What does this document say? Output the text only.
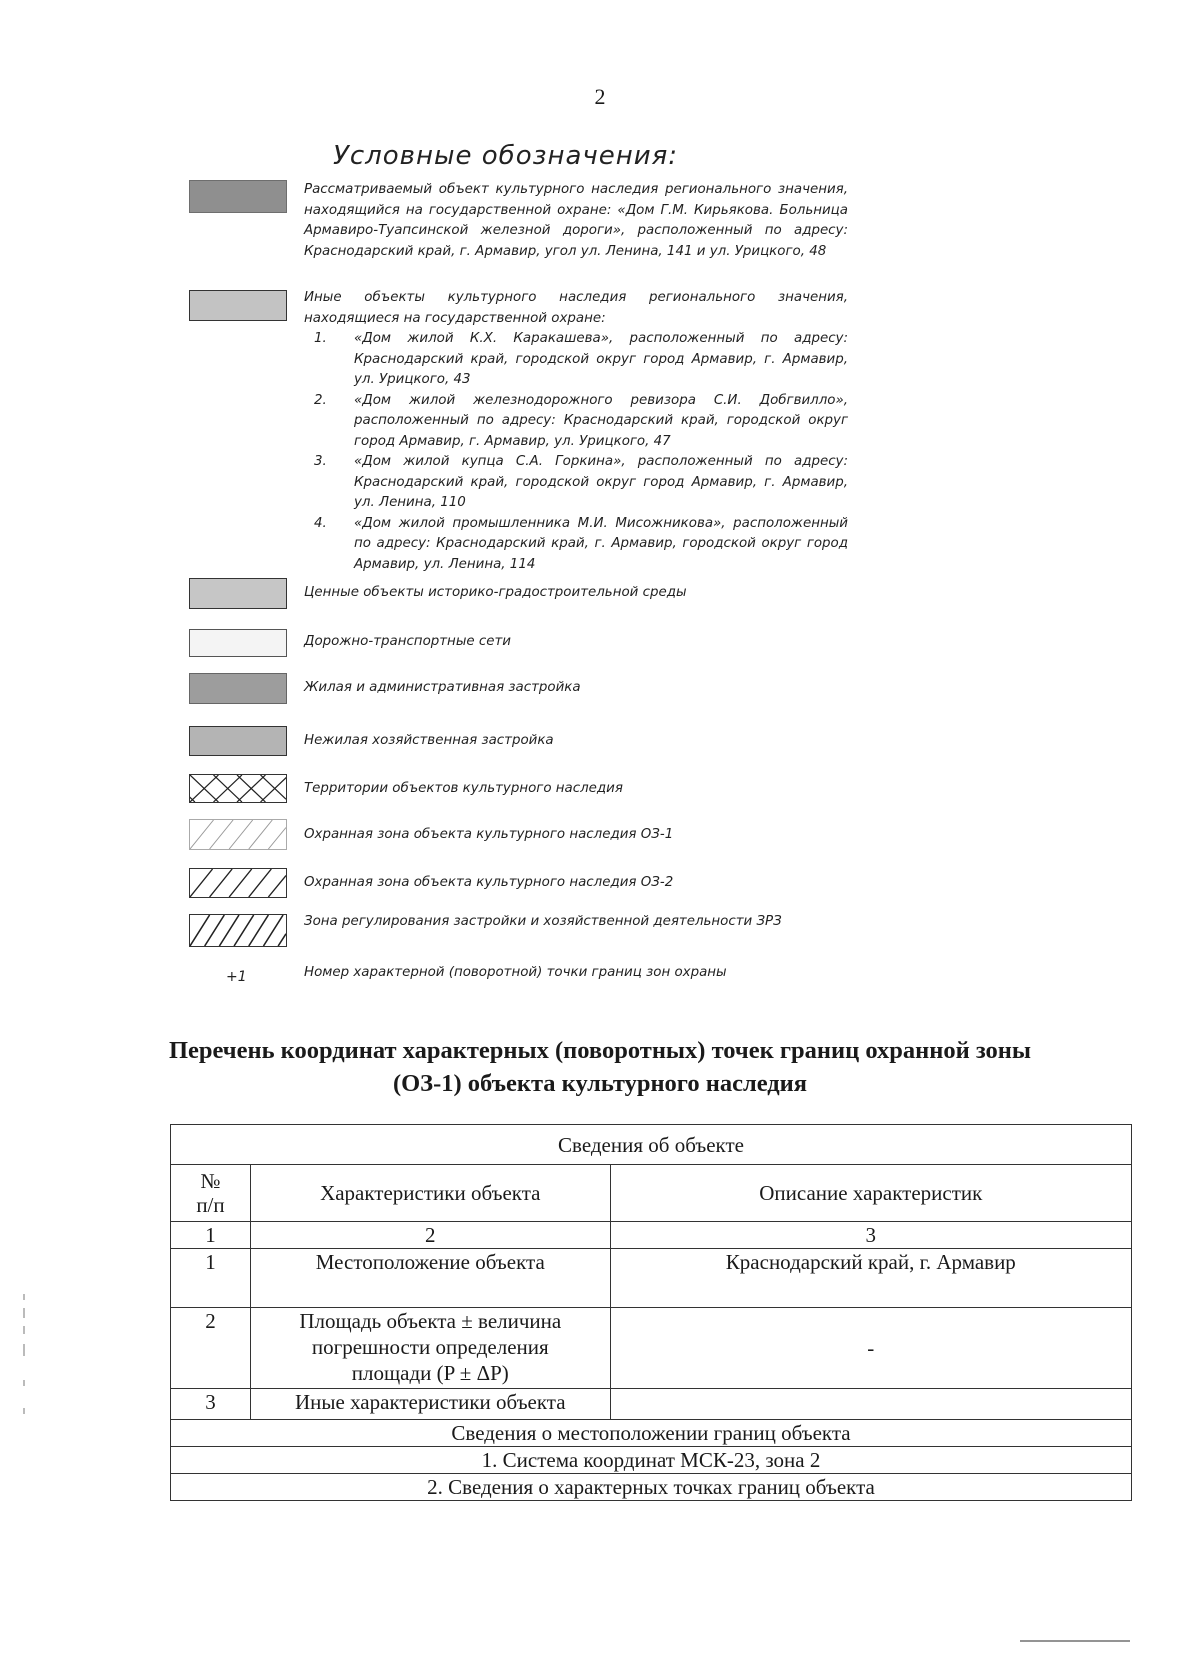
2
Условные обозначения:
Рассматриваемый объект культурного наследия регионального значения, находящийся на государственной охране: «Дом Г.М. Кирьякова. Больница Армавиро-Туапсинской железной дороги», расположенный по адресу: Краснодарский край, г. Армавир, угол ул. Ленина, 141 и ул. Урицкого, 48
Иные объекты культурного наследия регионального значения, находящиеся на государственной охране:
1. «Дом жилой К.Х. Каракашева», расположенный по адресу: Краснодарский край, городской округ город Армавир, г. Армавир, ул. Урицкого, 43
2. «Дом жилой железнодорожного ревизора С.И. Добгвилло», расположенный по адресу: Краснодарский край, городской округ город Армавир, г. Армавир, ул. Урицкого, 47
3. «Дом жилой купца С.А. Горкина», расположенный по адресу: Краснодарский край, городской округ город Армавир, г. Армавир, ул. Ленина, 110
4. «Дом жилой промышленника М.И. Мисожникова», расположенный по адресу: Краснодарский край, г. Армавир, городской округ город Армавир, ул. Ленина, 114
Ценные объекты историко-градостроительной среды
Дорожно-транспортные сети
Жилая и административная застройка
Нежилая хозяйственная застройка
Территории объектов культурного наследия
Охранная зона объекта культурного наследия ОЗ-1
Охранная зона объекта культурного наследия ОЗ-2
Зона регулирования застройки и хозяйственной деятельности ЗРЗ
+1	Номер характерной (поворотной) точки границ зон охраны
Перечень координат характерных (поворотных) точек границ охранной зоны (ОЗ-1) объекта культурного наследия
Сведения об объекте		
№ п/п	Характеристики объекта	Описание характеристик
1	2	3
1	Местоположение объекта	Краснодарский край, г. Армавир
2	Площадь объекта ± величина погрешности определения площади (P ± ΔP)	-
3	Иные характеристики объекта	
Сведения о местоположении границ объекта		
1. Система координат МСК-23, зона 2		
2. Сведения о характерных точках границ объекта		
